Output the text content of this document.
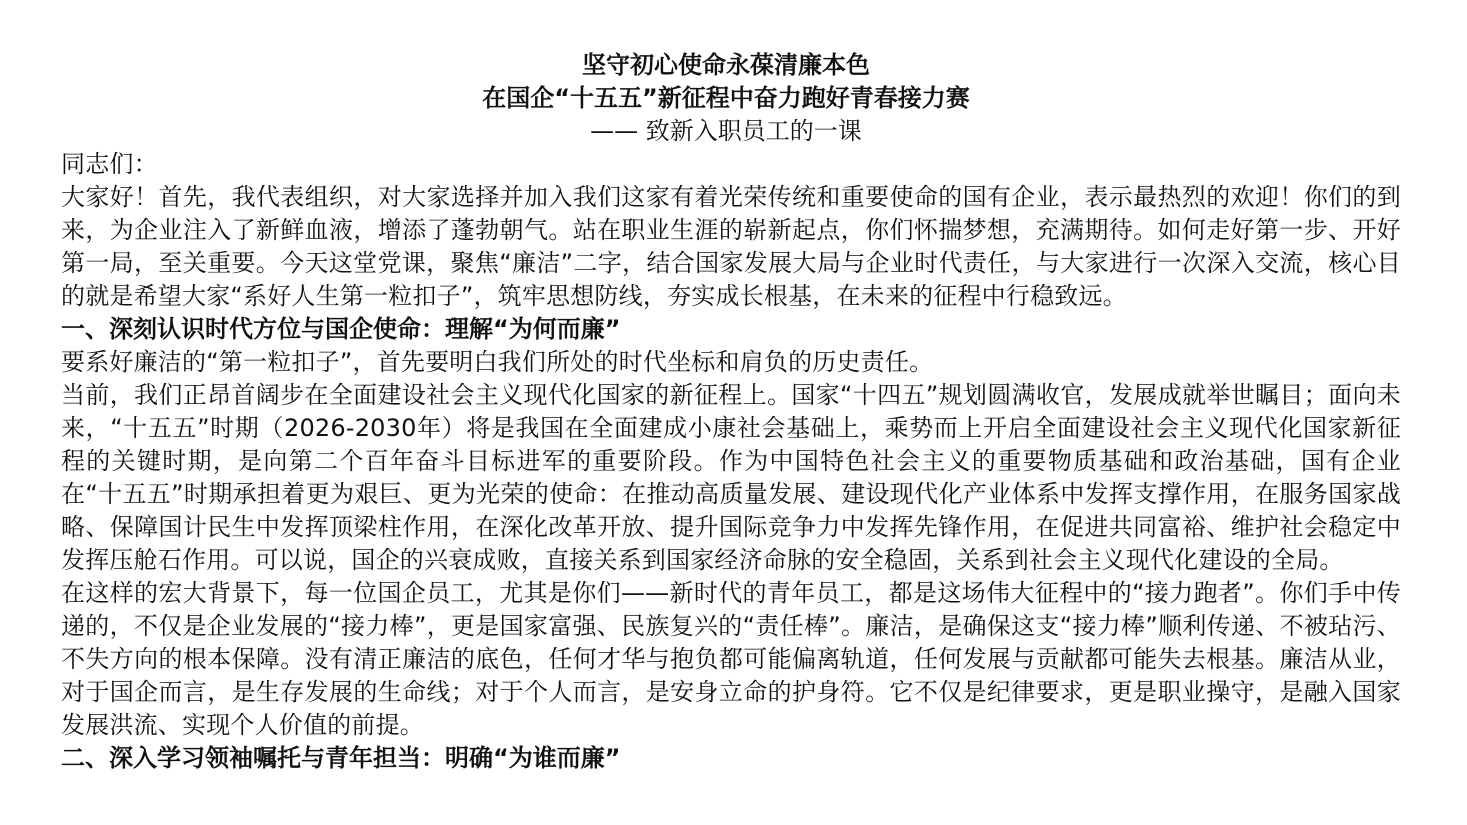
坚守初心使命永葆清廉本色
在国企“十五五”新征程中奋力跑好青春接力赛
—— 致新入职员工的一课
同志们：
大家好！首先，我代表组织，对大家选择并加入我们这家有着光荣传统和重要使命的国有企业，表示最热烈的欢迎！你们的到来，为企业注入了新鲜血液，增添了蓬勃朝气。站在职业生涯的崭新起点，你们怀揣梦想，充满期待。如何走好第一步、开好第一局，至关重要。今天这堂党课，聚焦“廉洁”二字，结合国家发展大局与企业时代责任，与大家进行一次深入交流，核心目的就是希望大家“系好人生第一粒扣子”，筑牢思想防线，夯实成长根基，在未来的征程中行稳致远。
一、深刻认识时代方位与国企使命：理解“为何而廉”
要系好廉洁的“第一粒扣子”，首先要明白我们所处的时代坐标和肩负的历史责任。
当前，我们正昂首阔步在全面建设社会主义现代化国家的新征程上。国家“十四五”规划圆满收官，发展成就举世瞩目；面向未来，“十五五”时期（2026-2030年）将是我国在全面建成小康社会基础上，乘势而上开启全面建设社会主义现代化国家新征程的关键时期，是向第二个百年奋斗目标进军的重要阶段。作为中国特色社会主义的重要物质基础和政治基础，国有企业在“十五五”时期承担着更为艰巨、更为光荣的使命：在推动高质量发展、建设现代化产业体系中发挥支撑作用，在服务国家战略、保障国计民生中发挥顶梁柱作用，在深化改革开放、提升国际竞争力中发挥先锋作用，在促进共同富裕、维护社会稳定中发挥压舱石作用。可以说，国企的兴衰成败，直接关系到国家经济命脉的安全稳固，关系到社会主义现代化建设的全局。
在这样的宏大背景下，每一位国企员工，尤其是你们——新时代的青年员工，都是这场伟大征程中的“接力跑者”。你们手中传递的，不仅是企业发展的“接力棒”，更是国家富强、民族复兴的“责任棒”。廉洁，是确保这支“接力棒”顺利传递、不被玷污、不失方向的根本保障。没有清正廉洁的底色，任何才华与抱负都可能偏离轨道，任何发展与贡献都可能失去根基。廉洁从业，对于国企而言，是生存发展的生命线；对于个人而言，是安身立命的护身符。它不仅是纪律要求，更是职业操守，是融入国家发展洪流、实现个人价值的前提。
二、深入学习领袖嘱托与青年担当：明确“为谁而廉”
